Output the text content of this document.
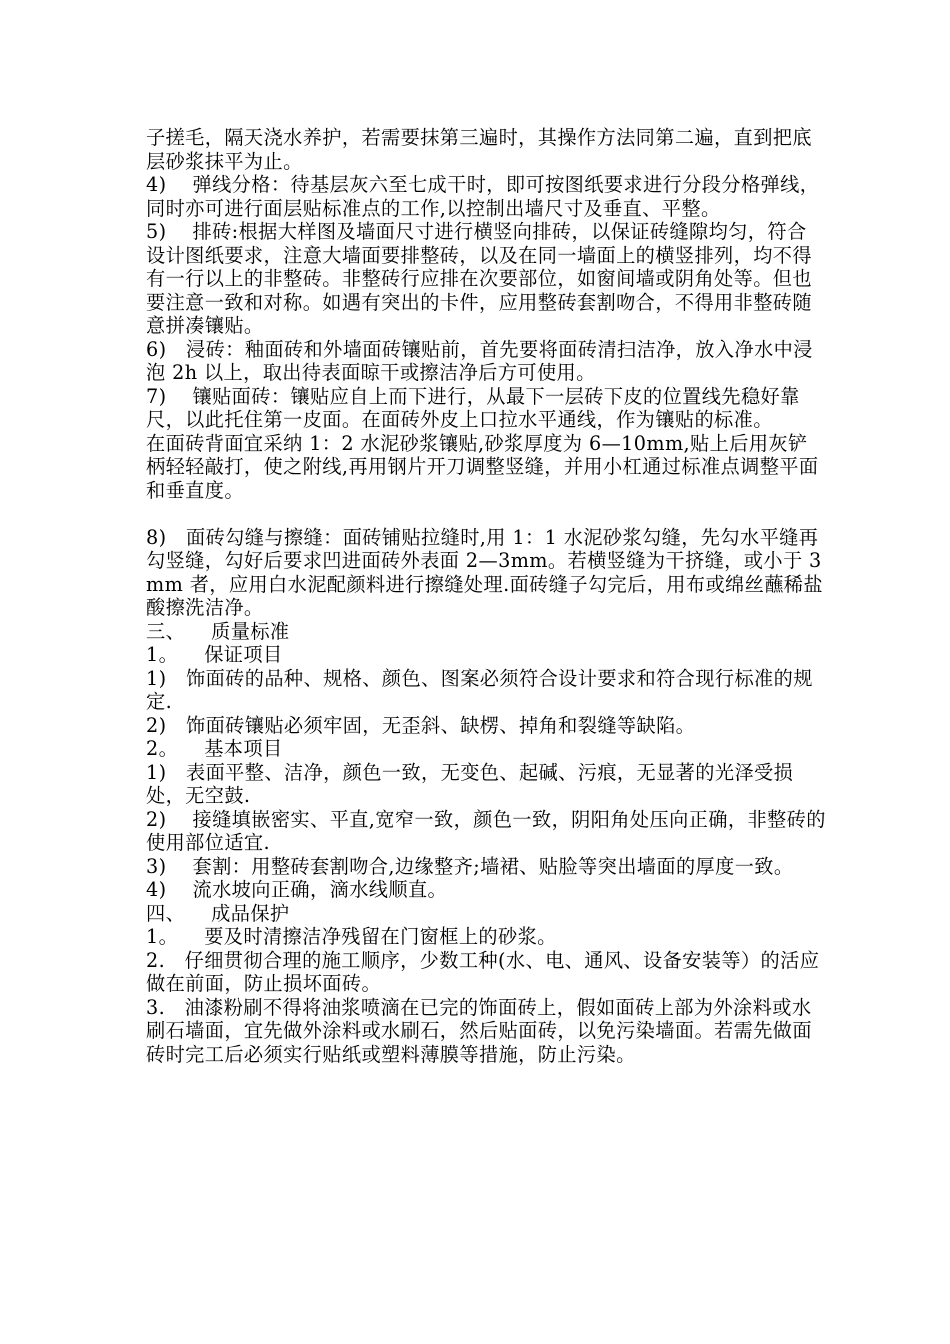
子搓毛，隔天浇水养护，若需要抹第三遍时，其操作方法同第二遍，直到把底层砂浆抹平为止。

4)    弹线分格：待基层灰六至七成干时，即可按图纸要求进行分段分格弹线，同时亦可进行面层贴标准点的工作,以控制出墙尺寸及垂直、平整。

5)    排砖:根据大样图及墙面尺寸进行横竖向排砖，以保证砖缝隙均匀，符合设计图纸要求，注意大墙面要排整砖，以及在同一墙面上的横竖排列，均不得有一行以上的非整砖。非整砖行应排在次要部位，如窗间墙或阴角处等。但也要注意一致和对称。如遇有突出的卡件，应用整砖套割吻合，不得用非整砖随意拼凑镶贴。

6)   浸砖：釉面砖和外墙面砖镶贴前，首先要将面砖清扫洁净，放入净水中浸泡 2h 以上，取出待表面晾干或擦洁净后方可使用。

7)    镶贴面砖：镶贴应自上而下进行，从最下一层砖下皮的位置线先稳好靠尺，以此托住第一皮面。在面砖外皮上口拉水平通线，作为镶贴的标准。

在面砖背面宜采纳 1：2 水泥砂浆镶贴,砂浆厚度为 6—10mm,贴上后用灰铲柄轻轻敲打，使之附线,再用钢片开刀调整竖缝，并用小杠通过标准点调整平面和垂直度。

8)   面砖勾缝与擦缝：面砖铺贴拉缝时,用 1：1 水泥砂浆勾缝，先勾水平缝再勾竖缝，勾好后要求凹进面砖外表面 2—3mm。若横竖缝为干挤缝，或小于 3mm 者，应用白水泥配颜料进行擦缝处理.面砖缝子勾完后，用布或绵丝蘸稀盐酸擦洗洁净。

三、    质量标准

1。    保证项目

1)   饰面砖的品种、规格、颜色、图案必须符合设计要求和符合现行标准的规定.

2)   饰面砖镶贴必须牢固，无歪斜、缺楞、掉角和裂缝等缺陷。

2。    基本项目

1)   表面平整、洁净，颜色一致，无变色、起碱、污痕，无显著的光泽受损处，无空鼓.

2)    接缝填嵌密实、平直,宽窄一致，颜色一致，阴阳角处压向正确，非整砖的使用部位适宜.

3)    套割：用整砖套割吻合,边缘整齐;墙裙、贴脸等突出墙面的厚度一致。

4)    流水坡向正确，滴水线顺直。

四、    成品保护

1。    要及时清擦洁净残留在门窗框上的砂浆。

2.   仔细贯彻合理的施工顺序，少数工种(水、电、通风、设备安装等）的活应做在前面，防止损坏面砖。

3.   油漆粉刷不得将油浆喷滴在已完的饰面砖上，假如面砖上部为外涂料或水刷石墙面，宜先做外涂料或水刷石，然后贴面砖，以免污染墙面。若需先做面砖时完工后必须实行贴纸或塑料薄膜等措施，防止污染。
